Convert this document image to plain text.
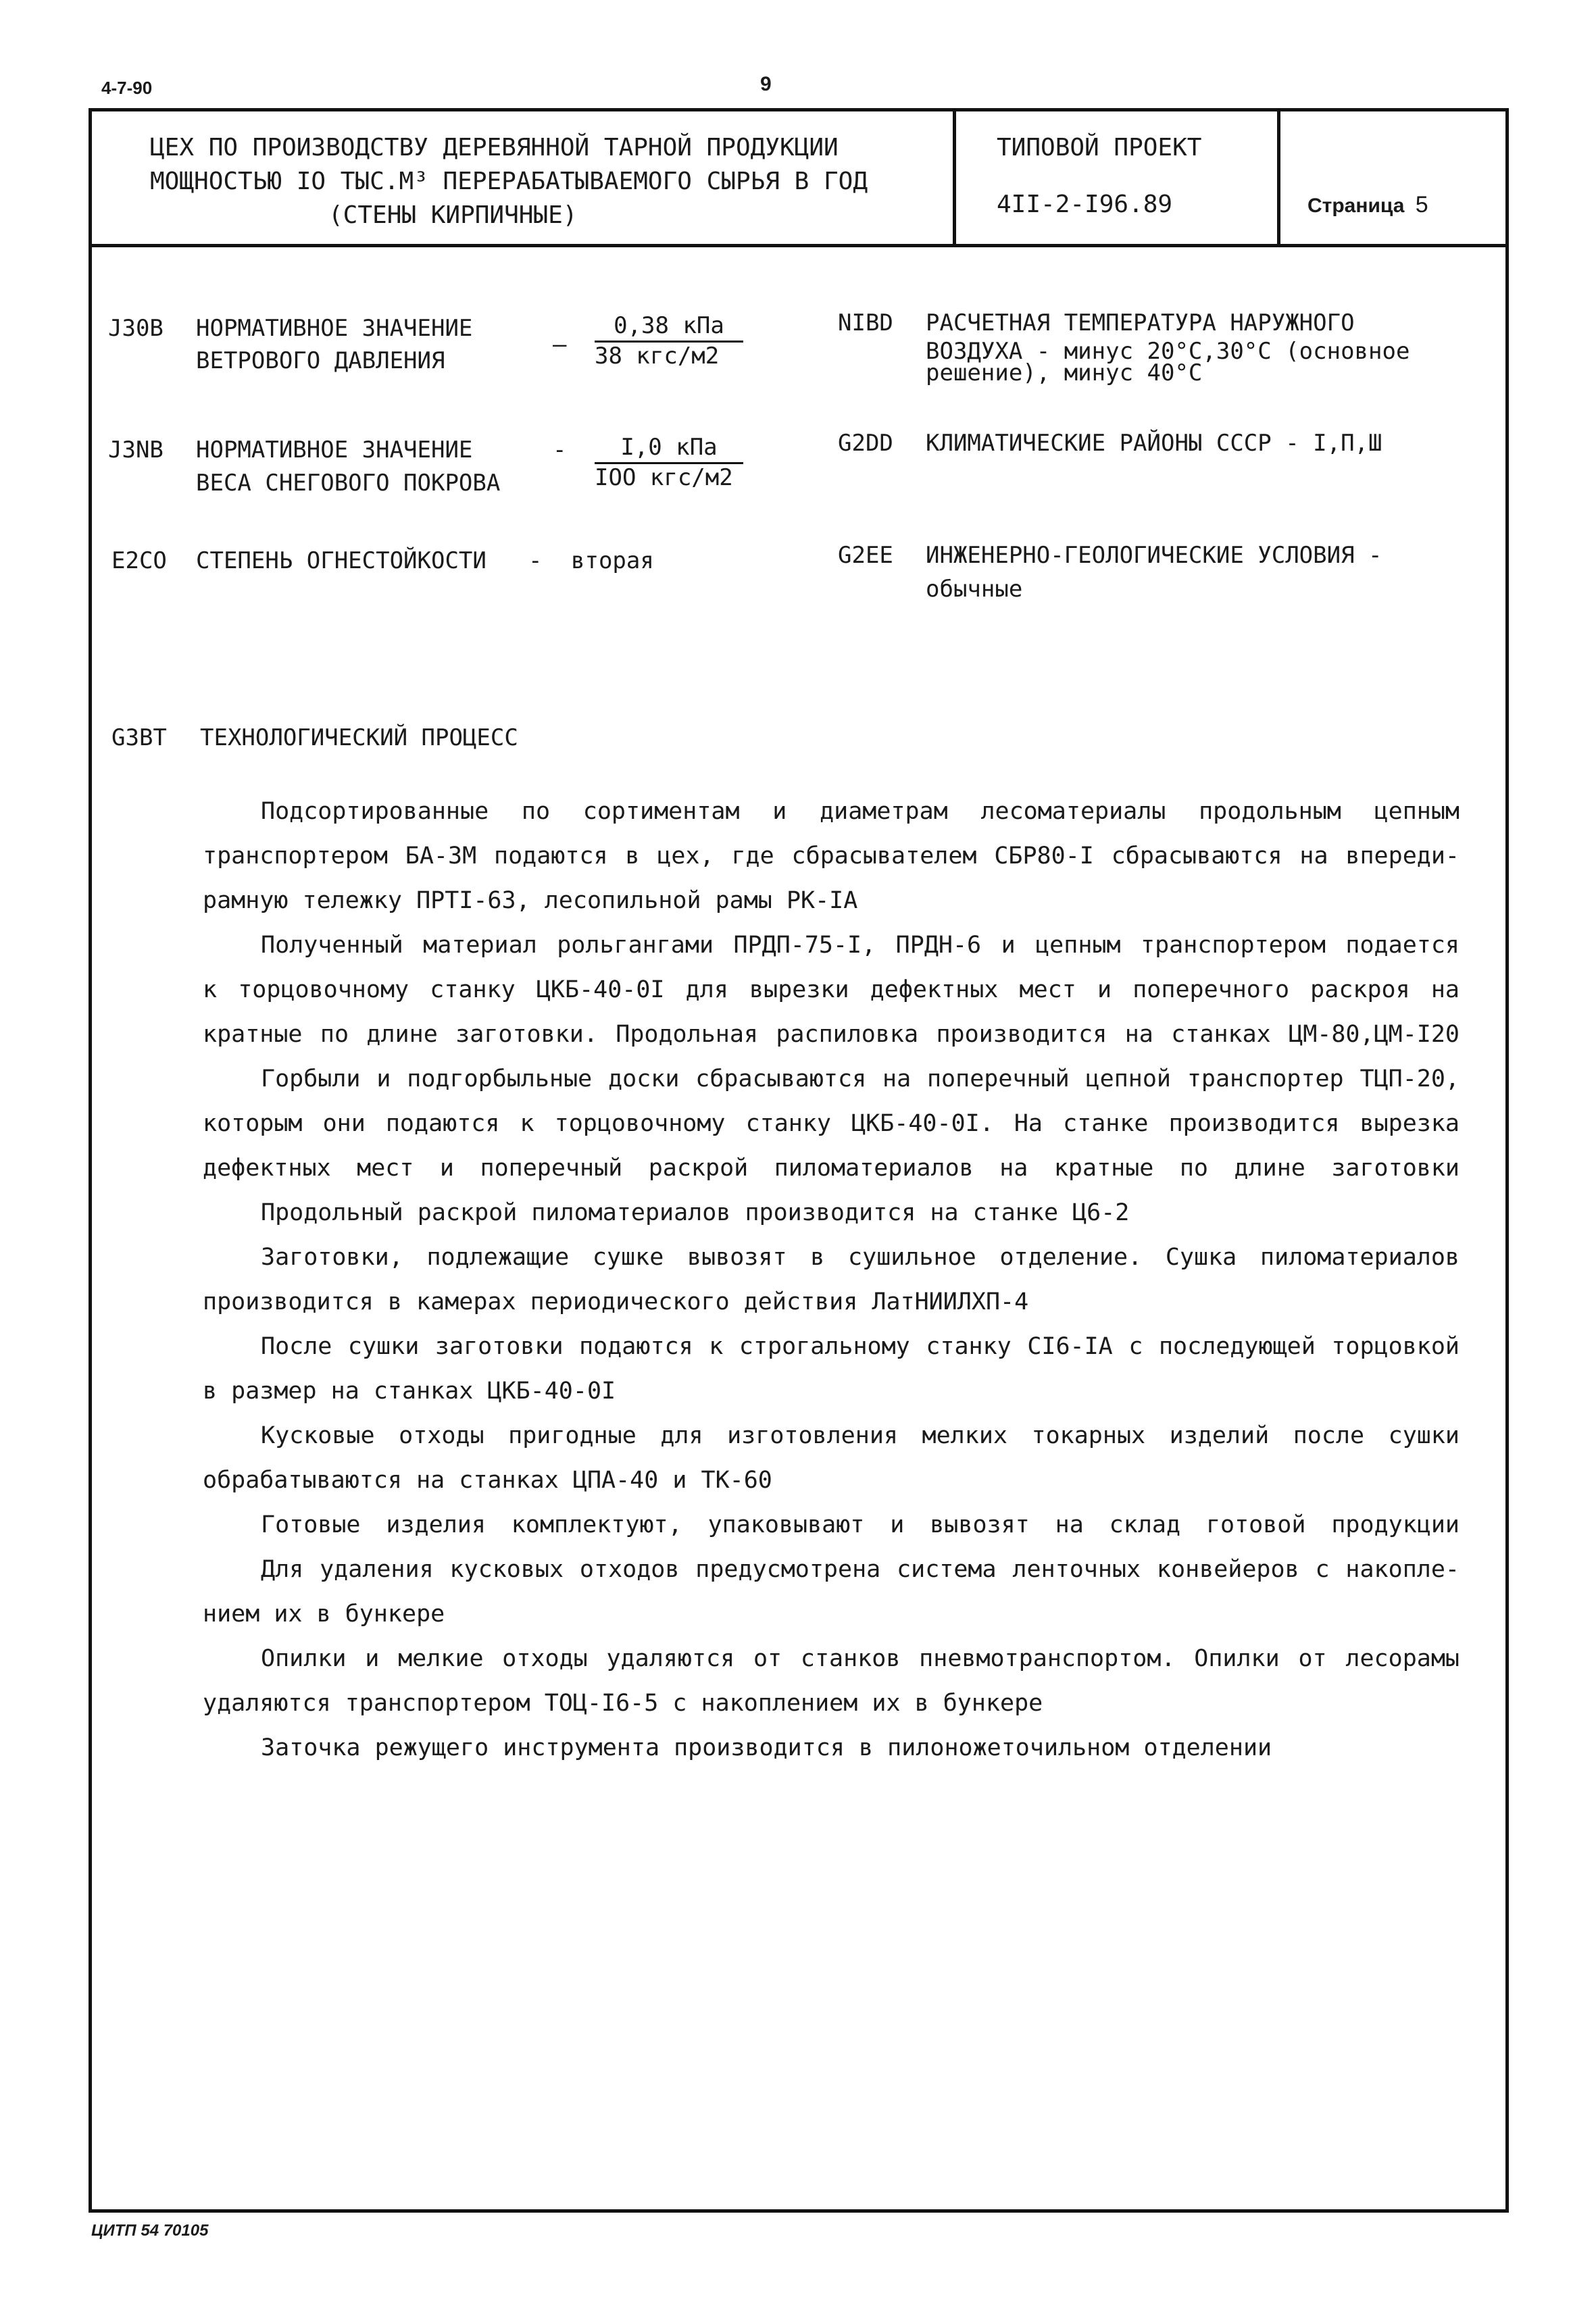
4-7-90	9
ЦЕХ ПО ПРОИЗВОДСТВУ ДЕРЕВЯННОЙ ТАРНОЙ ПРОДУКЦИИ
МОЩНОСТЬЮ IO ТЫС.М³ ПЕРЕРАБАТЫВАЕМОГО СЫРЬЯ В ГОД
(СТЕНЫ КИРПИЧНЫЕ)
ТИПОВОЙ ПРОЕКТ
4II-2-I96.89	Страница 5
J30B	НОРМАТИВНОЕ ЗНАЧЕНИЕ
ВЕТРОВОГО ДАВЛЕНИЯ
–
0,38 кПа
38 кгс/м2
J3NB	НОРМАТИВНОЕ ЗНАЧЕНИЕ
ВЕСА СНЕГОВОГО ПОКРОВА
-	I,0 кПа
IOO кгс/м2
E2CO	СТЕПЕНЬ ОГНЕСТОЙКОСТИ - вторая
NIBD	РАСЧЕТНАЯ ТЕМПЕРАТУРА НАРУЖНОГО
ВОЗДУХА - минус 20°C,30°C (основное
решение), минус 40°C
G2DD	КЛИМАТИЧЕСКИЕ РАЙОНЫ СССР - I,П,Ш
G2EE	ИНЖЕНЕРНО-ГЕОЛОГИЧЕСКИЕ УСЛОВИЯ -
обычные
G3BT	ТЕХНОЛОГИЧЕСКИЙ ПРОЦЕСС
Подсортированные по сортиментам и диаметрам лесоматериалы продольным цепным
транспортером БА-3М подаются в цех, где сбрасывателем СБР80-I сбрасываются на впереди-
рамную тележку ПРТI-63, лесопильной рамы РК-IА
Полученный материал рольгангами ПРДП-75-I, ПРДН-6 и цепным транспортером подается
к торцовочному станку ЦКБ-40-0I для вырезки дефектных мест и поперечного раскроя на
кратные по длине заготовки. Продольная распиловка производится на станках ЦМ-80,ЦМ-I20
Горбыли и подгорбыльные доски сбрасываются на поперечный цепной транспортер ТЦП-20,
которым они подаются к торцовочному станку ЦКБ-40-0I. На станке производится вырезка
дефектных мест и поперечный раскрой пиломатериалов на кратные по длине заготовки
Продольный раскрой пиломатериалов производится на станке Ц6-2
Заготовки, подлежащие сушке вывозят в сушильное отделение. Сушка пиломатериалов
производится в камерах периодического действия ЛатНИИЛХП-4
После сушки заготовки подаются к строгальному станку СI6-IА с последующей торцовкой
в размер на станках ЦКБ-40-0I
Кусковые отходы пригодные для изготовления мелких токарных изделий после сушки
обрабатываются на станках ЦПА-40 и ТК-60
Готовые изделия комплектуют, упаковывают и вывозят на склад готовой продукции
Для удаления кусковых отходов предусмотрена система ленточных конвейеров с накопле-
нием их в бункере
Опилки и мелкие отходы удаляются от станков пневмотранспортом. Опилки от лесорамы
удаляются транспортером ТОЦ-I6-5 с накоплением их в бункере
Заточка режущего инструмента производится в пилоножеточильном отделении
ЦИТП 54 70105
